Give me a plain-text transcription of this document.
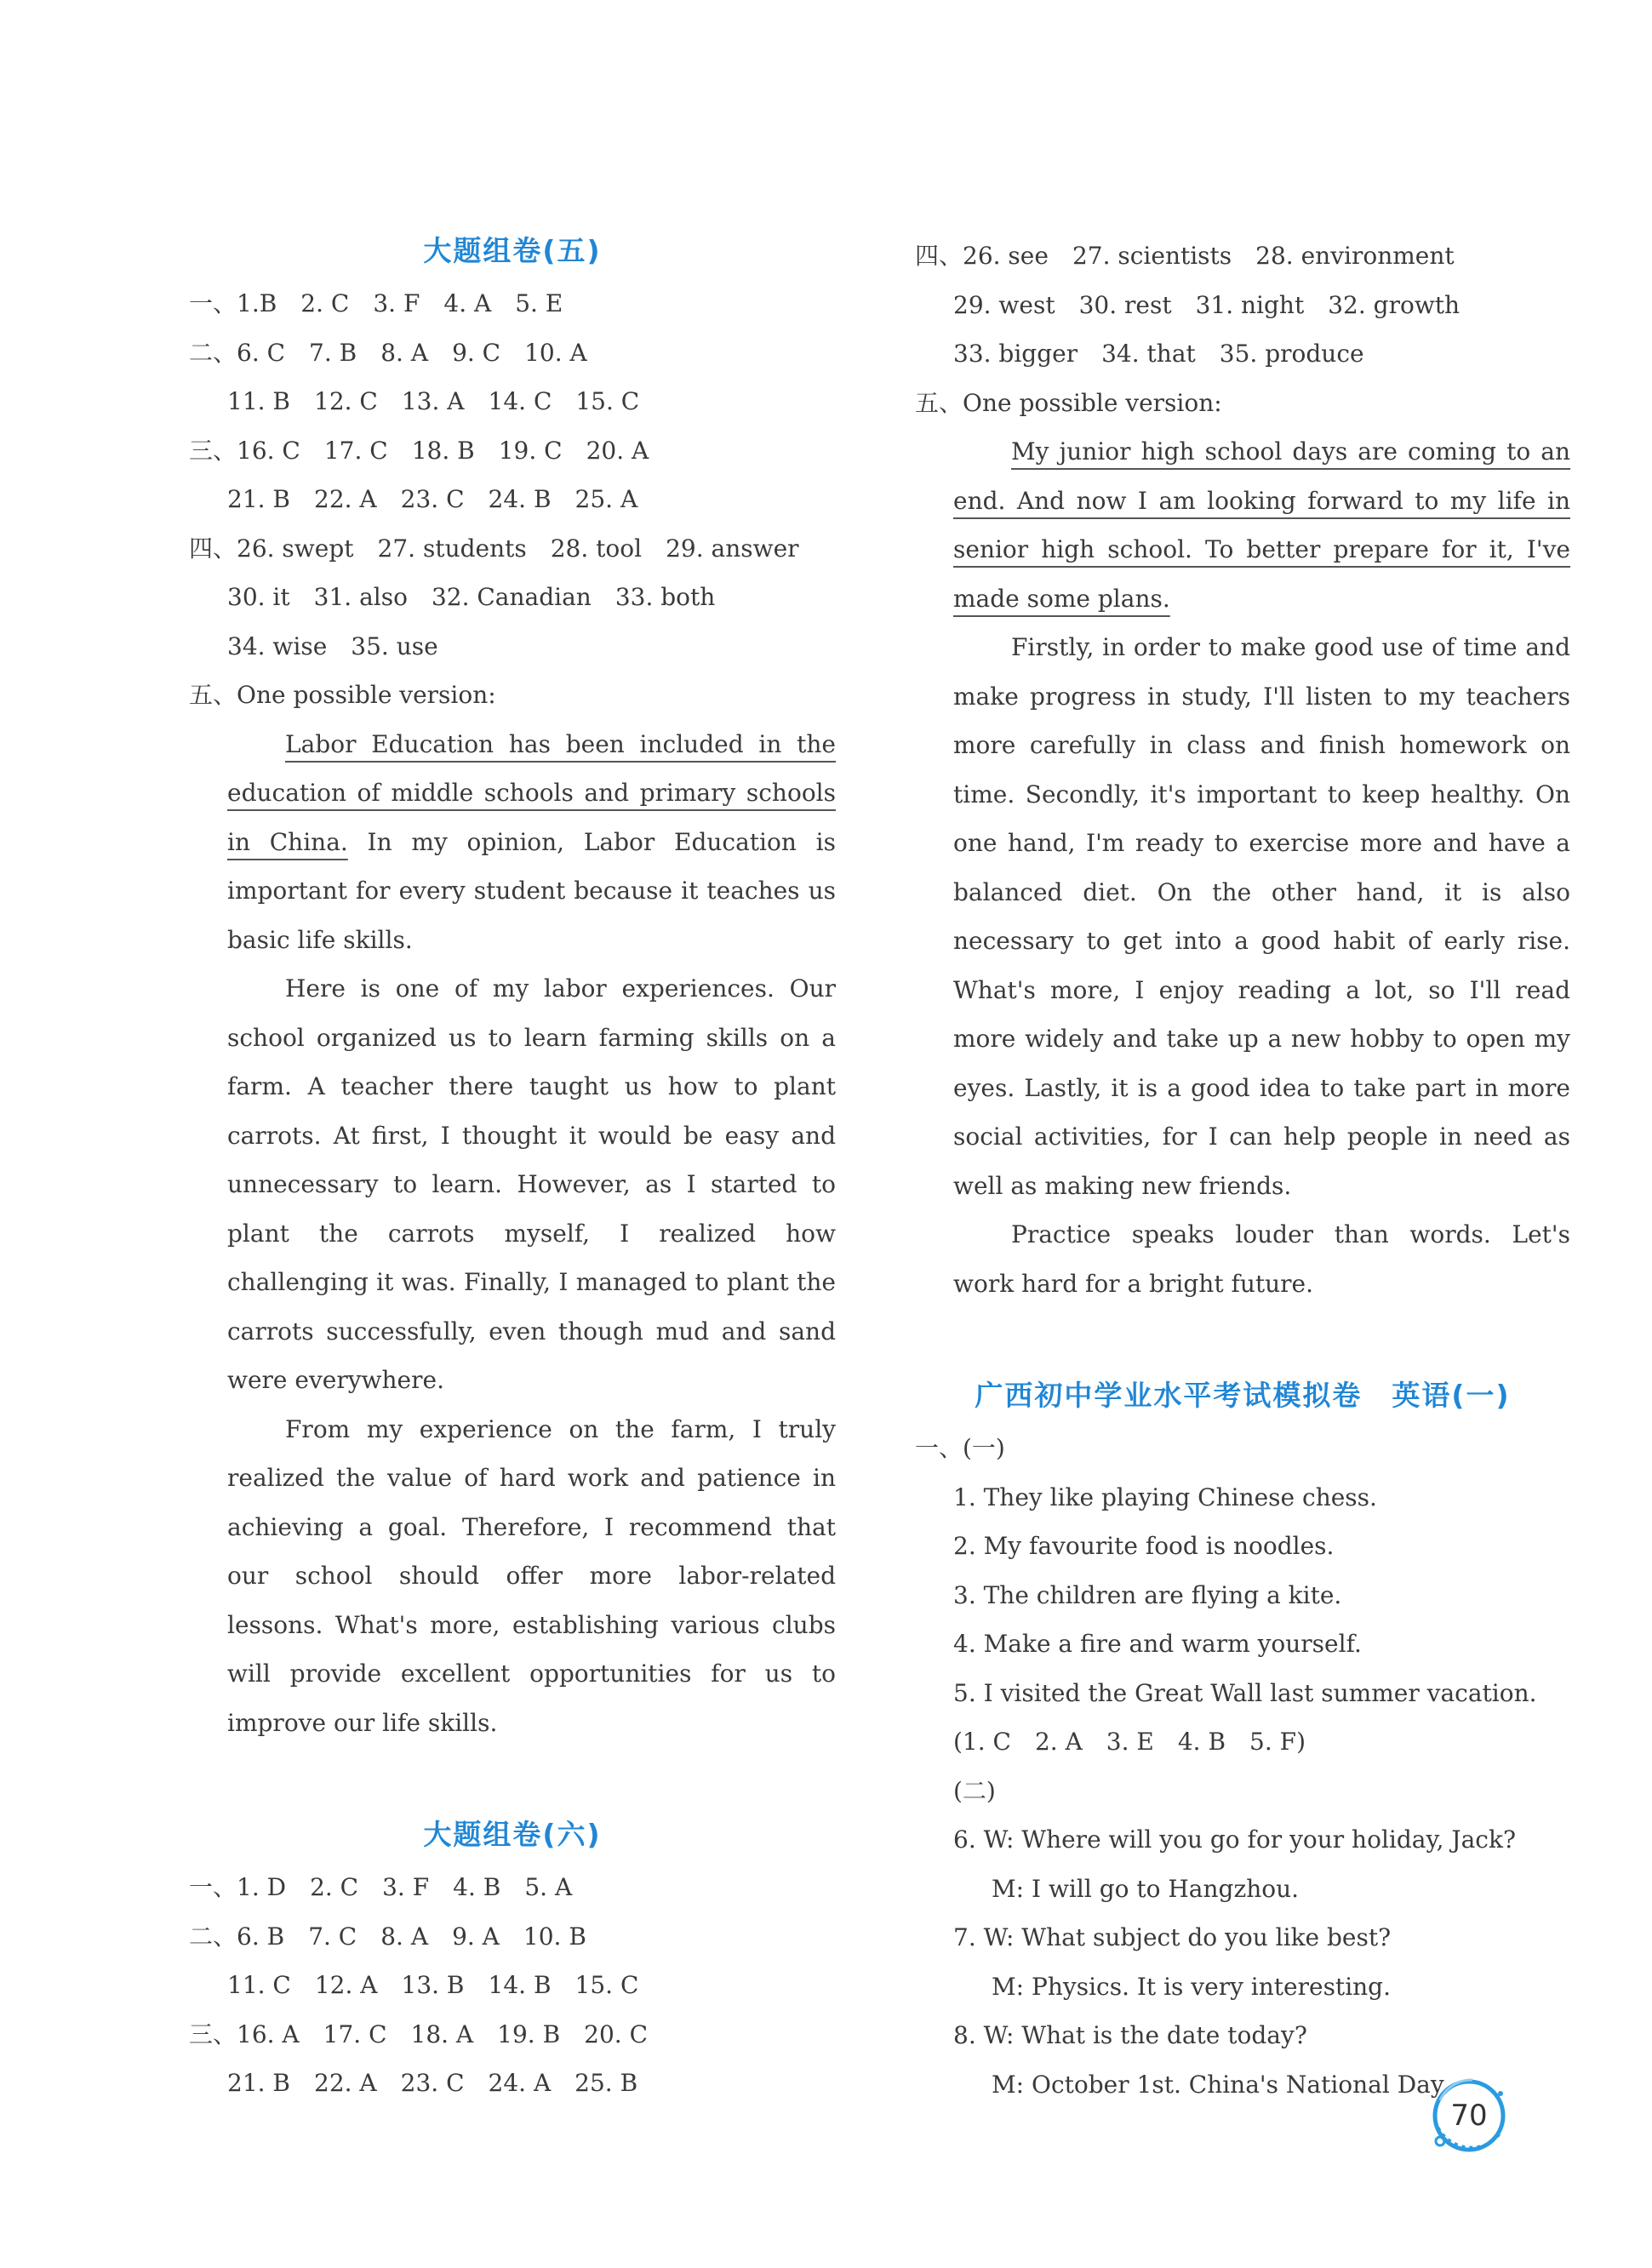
大题组卷(五)
一、1.B　2. C　3. F　4. A　5. E
二、6. C　7. B　8. A　9. C　10. A
11. B　12. C　13. A　14. C　15. C
三、16. C　17. C　18. B　19. C　20. A
21. B　22. A　23. C　24. B　25. A
四、26. swept　27. students　28. tool　29. answer
30. it　31. also　32. Canadian　33. both
34. wise　35. use
五、One possible version:

Labor Education has been included in the education of middle schools and primary schools in China. In my opinion, Labor Education is important for every student because it teaches us basic life skills.

Here is one of my labor experiences. Our school organized us to learn farming skills on a farm. A teacher there taught us how to plant carrots. At first, I thought it would be easy and unnecessary to learn. However, as I started to plant the carrots myself, I realized how challenging it was. Finally, I managed to plant the carrots successfully, even though mud and sand were everywhere.

From my experience on the farm, I truly realized the value of hard work and patience in achieving a goal. Therefore, I recommend that our school should offer more labor-related lessons. What's more, establishing various clubs will provide excellent opportunities for us to improve our life skills.

大题组卷(六)
一、1. D　2. C　3. F　4. B　5. A
二、6. B　7. C　8. A　9. A　10. B
11. C　12. A　13. B　14. B　15. C
三、16. A　17. C　18. A　19. B　20. C
21. B　22. A　23. C　24. A　25. B
四、26. see　27. scientists　28. environment
29. west　30. rest　31. night　32. growth
33. bigger　34. that　35. produce
五、One possible version:

My junior high school days are coming to an end. And now I am looking forward to my life in senior high school. To better prepare for it, I've made some plans.

Firstly, in order to make good use of time and make progress in study, I'll listen to my teachers more carefully in class and finish homework on time. Secondly, it's important to keep healthy. On one hand, I'm ready to exercise more and have a balanced diet. On the other hand, it is also necessary to get into a good habit of early rise. What's more, I enjoy reading a lot, so I'll read more widely and take up a new hobby to open my eyes. Lastly, it is a good idea to take part in more social activities, for I can help people in need as well as making new friends.

Practice speaks louder than words. Let's work hard for a bright future.

广西初中学业水平考试模拟卷　英语(一)
一、(一)
1. They like playing Chinese chess.
2. My favourite food is noodles.
3. The children are flying a kite.
4. Make a fire and warm yourself.
5. I visited the Great Wall last summer vacation.
(1. C　2. A　3. E　4. B　5. F)
(二)
6. W: Where will you go for your holiday, Jack?
M: I will go to Hangzhou.
7. W: What subject do you like best?
M: Physics. It is very interesting.
8. W: What is the date today?
M: October 1st. China's National Day.
70
